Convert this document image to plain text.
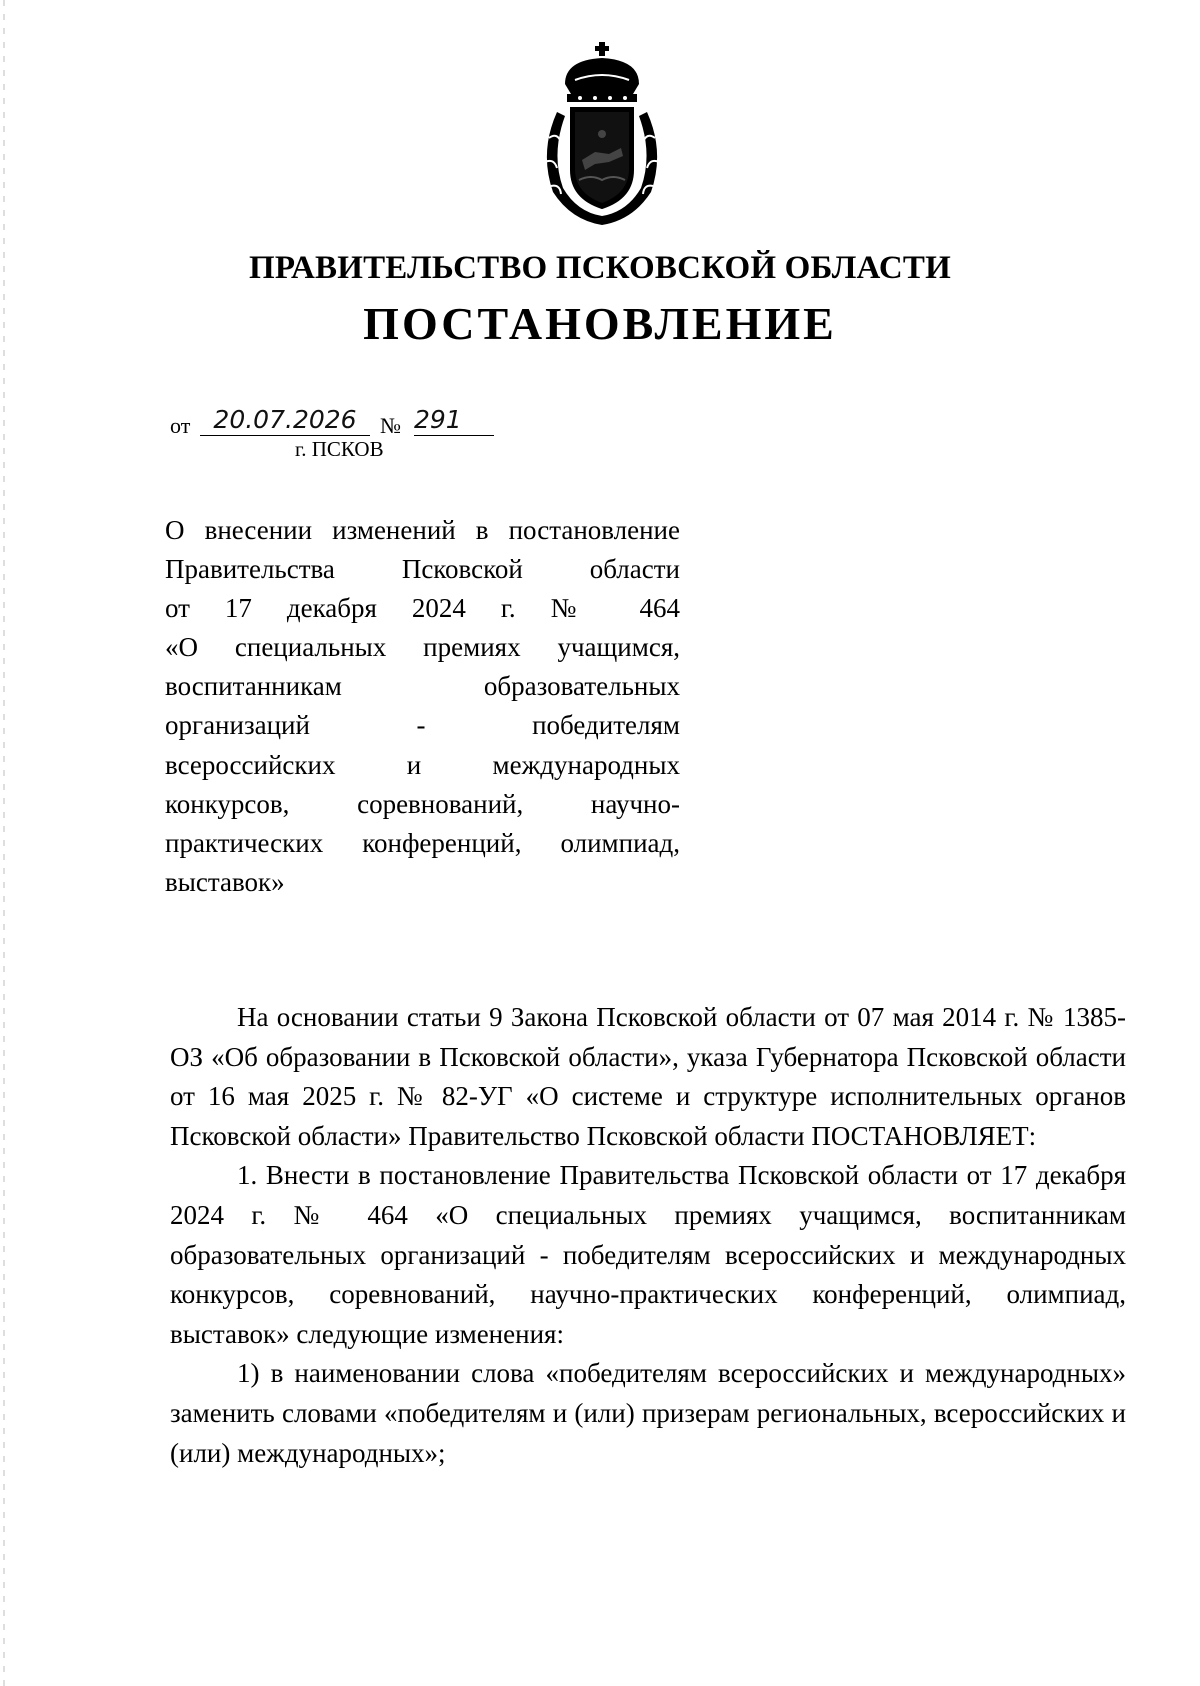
ПРАВИТЕЛЬСТВО ПСКОВСКОЙ ОБЛАСТИ
ПОСТАНОВЛЕНИЕ
от 20.07.2026	№ 291
г. ПСКОВ
О внесении изменений в постановление
Правительства Псковской области
от 17 декабря 2024 г. № 464
«О специальных премиях учащимся,
воспитанникам образовательных
организаций - победителям
всероссийских и международных
конкурсов, соревнований, научно-
практических конференций, олимпиад,
выставок»

На основании статьи 9 Закона Псковской области от 07 мая 2014 г. № 1385-ОЗ «Об образовании в Псковской области», указа Губернатора Псковской области от 16 мая 2025 г. № 82-УГ «О системе и структуре исполнительных органов Псковской области» Правительство Псковской области ПОСТАНОВЛЯЕТ:

1. Внести в постановление Правительства Псковской области от 17 декабря 2024 г. № 464 «О специальных премиях учащимся, воспитанникам образовательных организаций - победителям всероссийских и международных конкурсов, соревнований, научно-практических конференций, олимпиад, выставок» следующие изменения:

1) в наименовании слова «победителям всероссийских и международных» заменить словами «победителям и (или) призерам региональных, всероссийских и (или) международных»;
